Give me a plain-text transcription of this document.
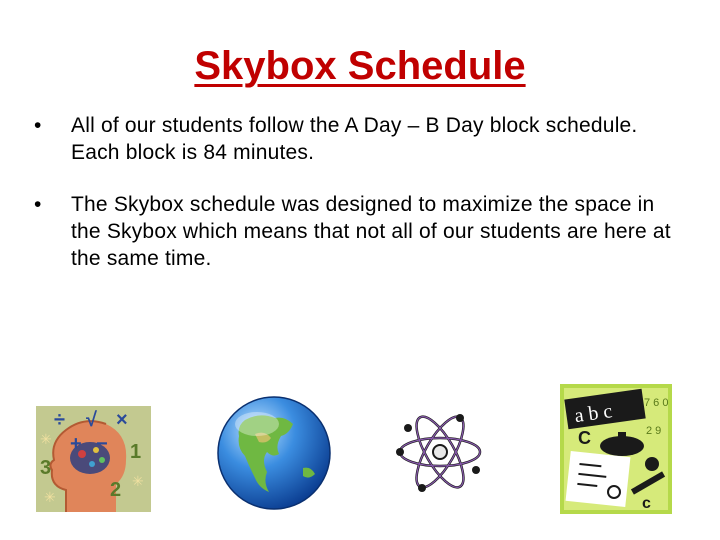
Skybox Schedule
• All of our students follow the A Day – B Day block schedule. Each block is 84 minutes.
• The Skybox schedule was designed to maximize the space in the Skybox which means that not all of our students are here at the same time.
÷ √ ×
+ −
3
1
2
✳
✳
✳
a b c	7 6 0
2 9
C
c
